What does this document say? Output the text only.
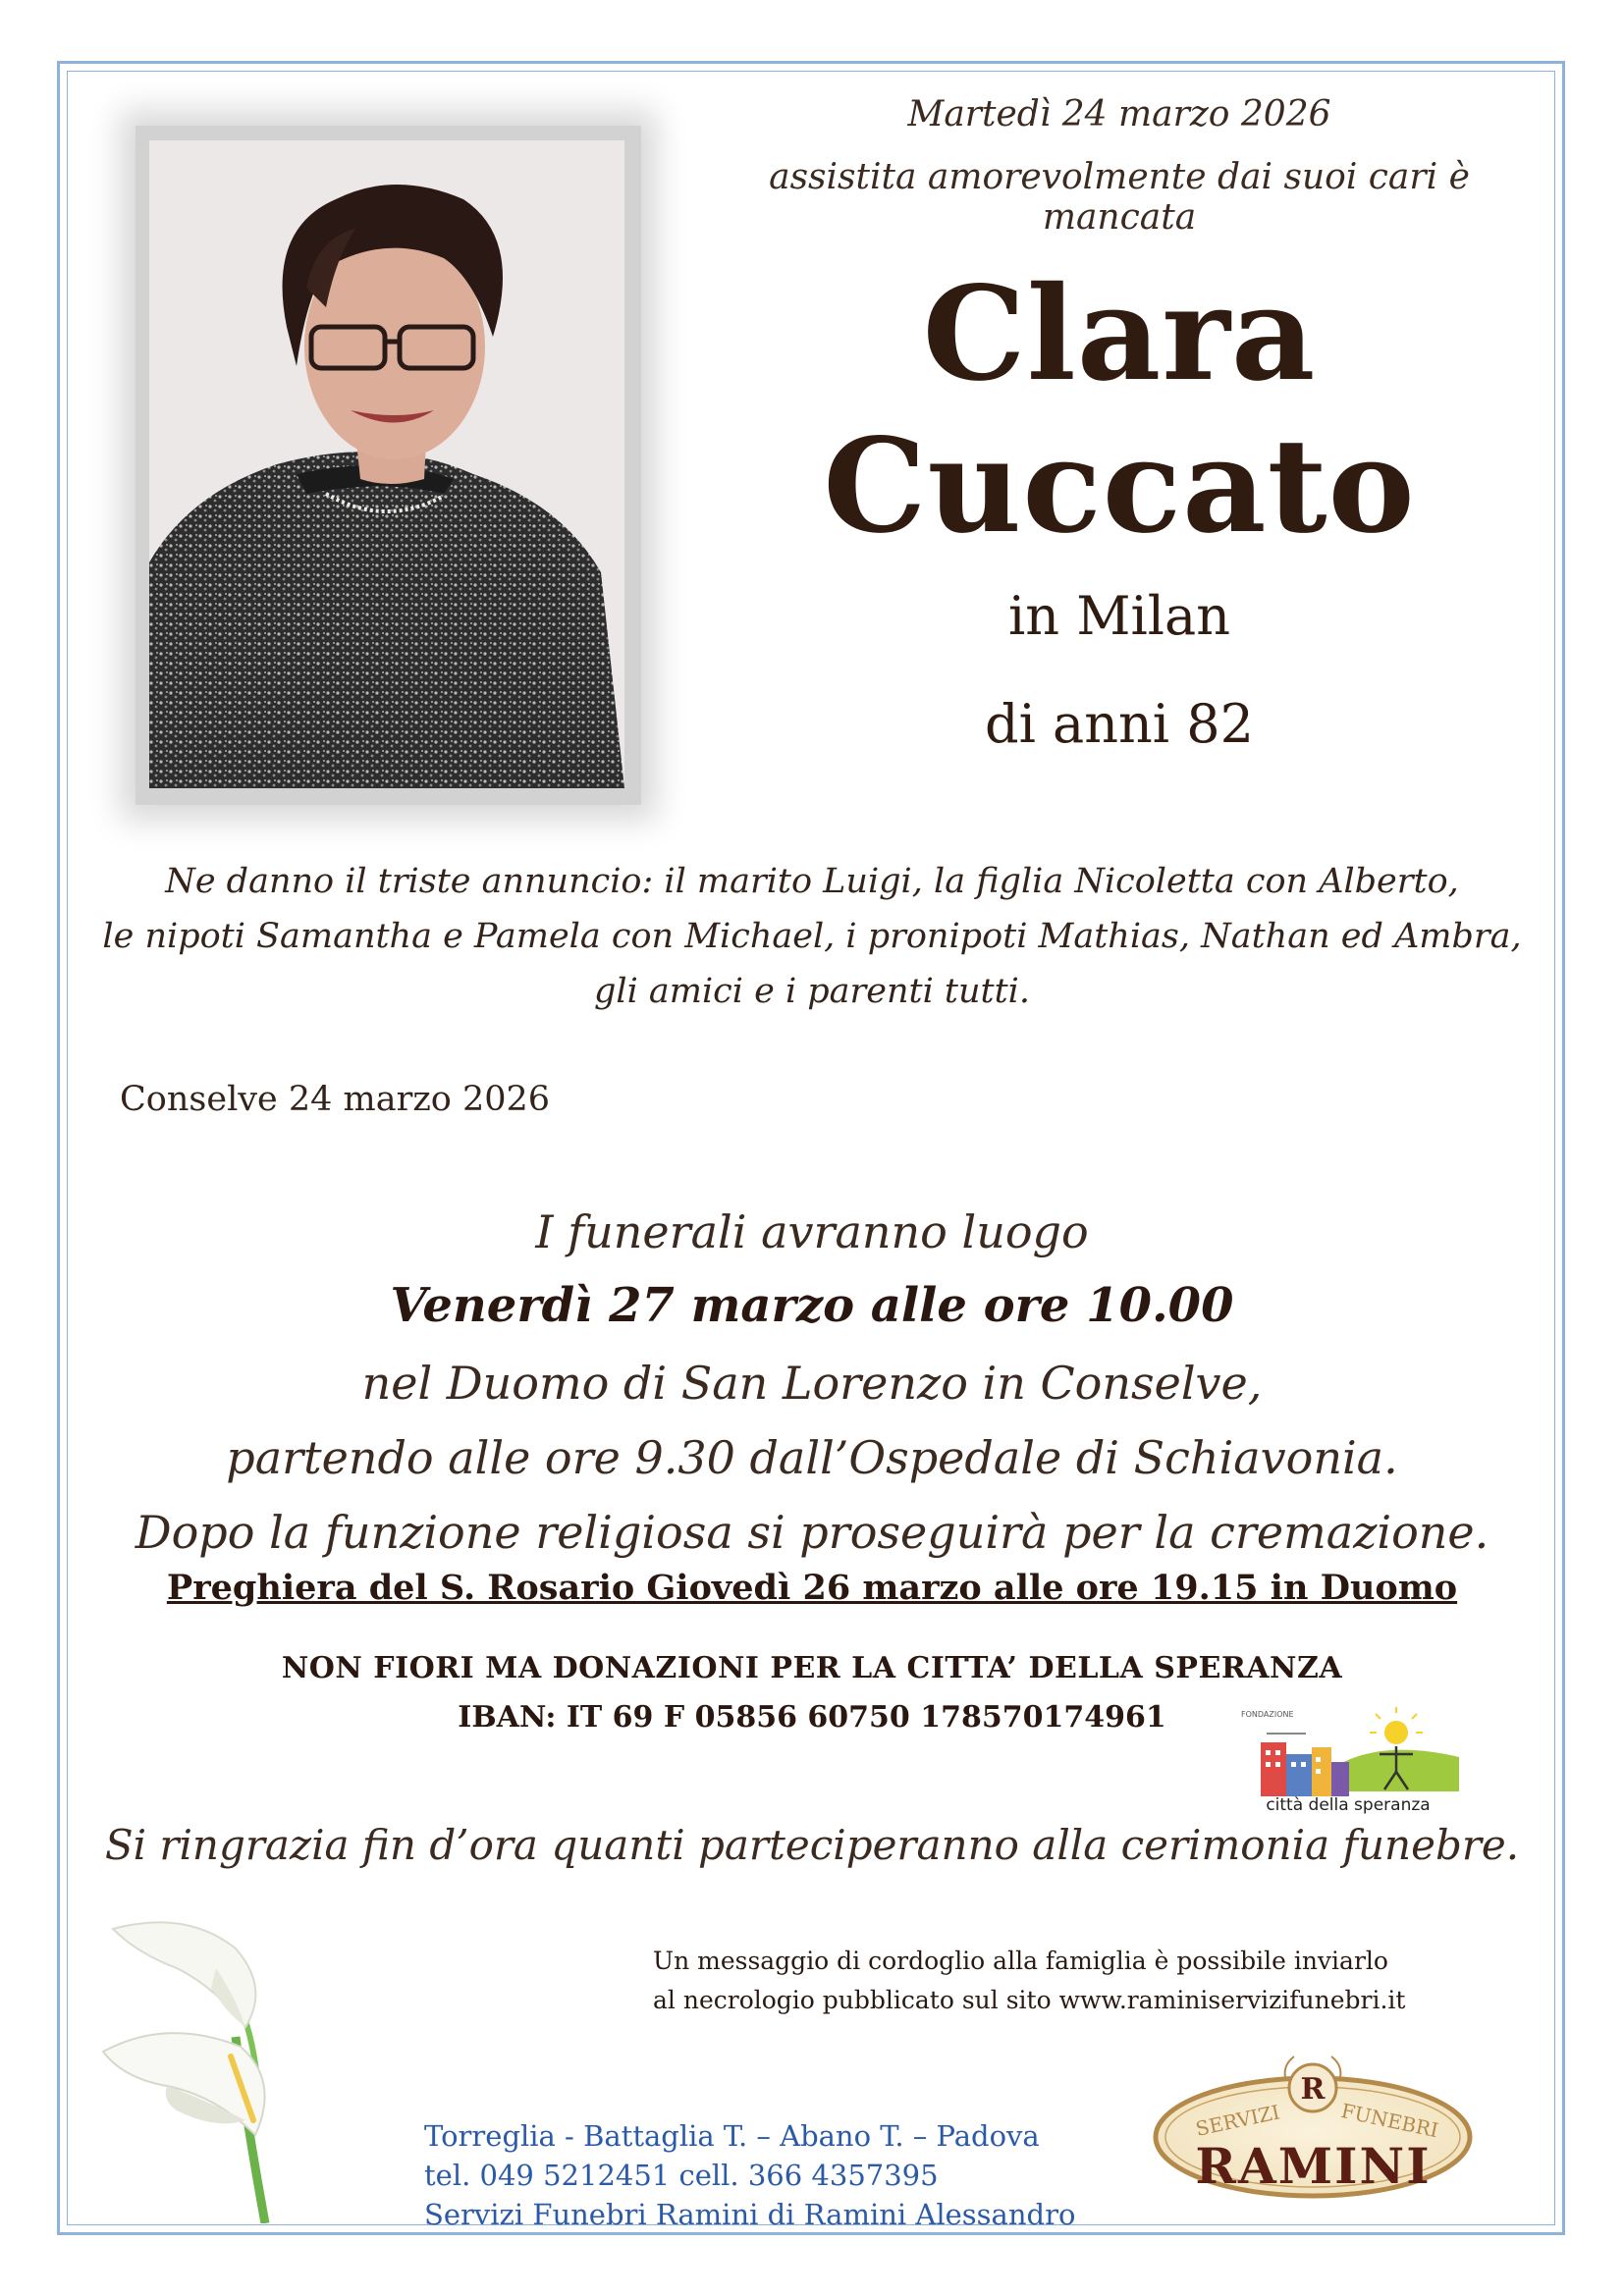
Martedì 24 marzo 2026

assistita amorevolmente dai suoi cari è mancata

Clara
Cuccato

in Milan

di anni 82

Ne danno il triste annuncio: il marito Luigi, la figlia Nicoletta con Alberto,
le nipoti Samantha e Pamela con Michael, i pronipoti Mathias, Nathan ed Ambra,
gli amici e i parenti tutti.

Conselve 24 marzo 2026

I funerali avranno luogo

Venerdì 27 marzo alle ore 10.00

nel Duomo di San Lorenzo in Conselve,

partendo alle ore 9.30 dall’Ospedale di Schiavonia.

Dopo la funzione religiosa si proseguirà per la cremazione.

Preghiera del S. Rosario Giovedì 26 marzo alle ore 19.15 in Duomo

NON FIORI MA DONAZIONI PER LA CITTA’ DELLA SPERANZA

IBAN: IT 69 F 05856 60750 178570174961	FONDAZIONE
città della speranza

Si ringrazia fin d’ora quanti parteciperanno alla cerimonia funebre.

Un messaggio di cordoglio alla famiglia è possibile inviarlo
al necrologio pubblicato sul sito www.raminiservizifunebri.it

Torreglia - Battaglia T. – Abano T. – Padova
tel. 049 5212451 cell. 366 4357395
Servizi Funebri Ramini di Ramini Alessandro

R
SERVIZI	FUNEBRI
RAMINI
